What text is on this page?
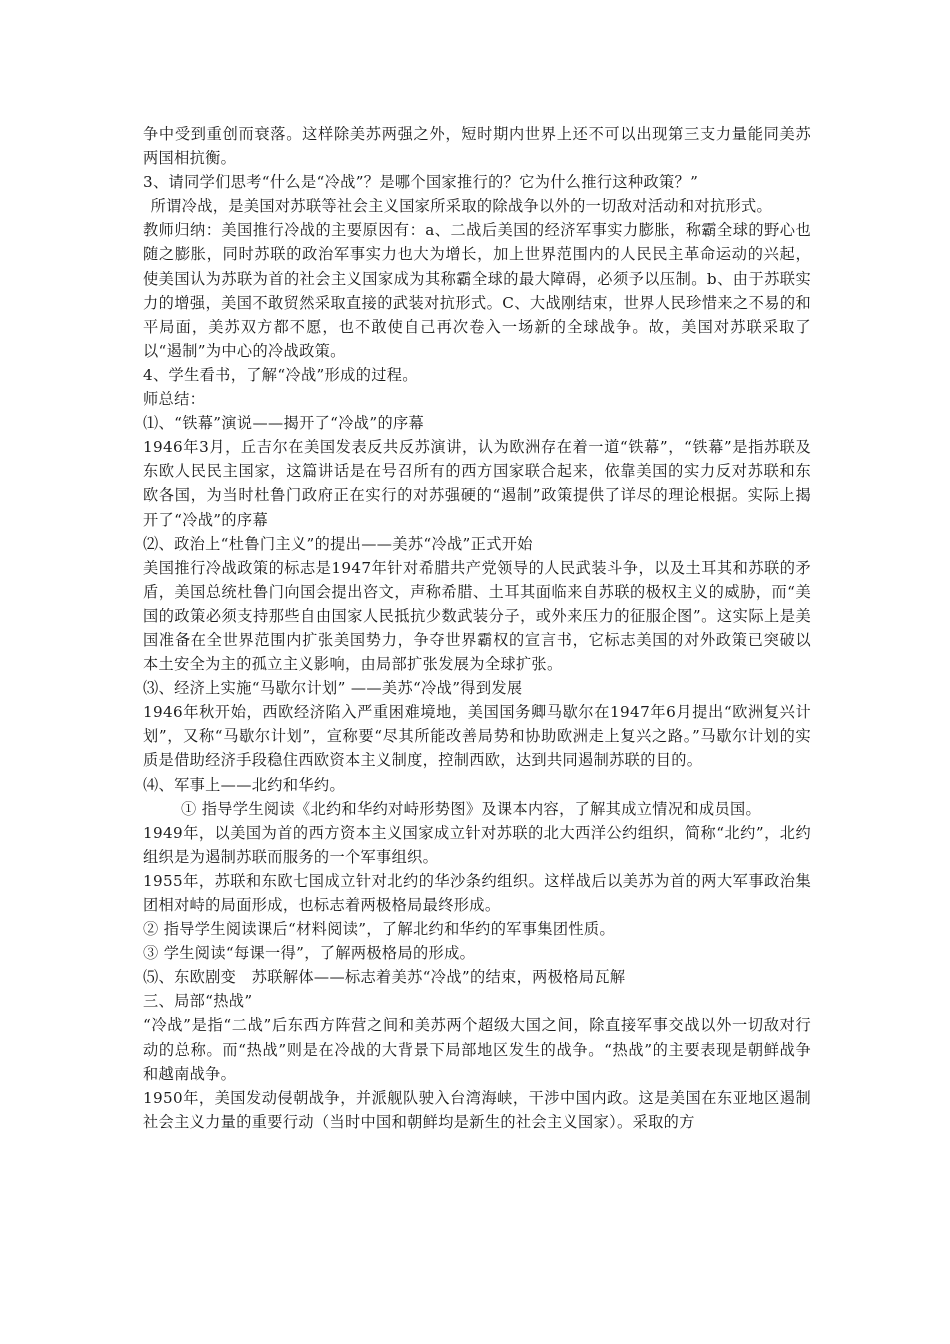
争中受到重创而衰落。这样除美苏两强之外，短时期内世界上还不可以出现第三支力量能同美苏两国相抗衡。

3、请同学们思考“什么是“冷战”？是哪个国家推行的？它为什么推行这种政策？”

所谓冷战，是美国对苏联等社会主义国家所采取的除战争以外的一切敌对活动和对抗形式。

教师归纳：美国推行冷战的主要原因有：a、二战后美国的经济军事实力膨胀，称霸全球的野心也随之膨胀，同时苏联的政治军事实力也大为增长，加上世界范围内的人民民主革命运动的兴起，使美国认为苏联为首的社会主义国家成为其称霸全球的最大障碍，必须予以压制。b、由于苏联实力的增强，美国不敢贸然采取直接的武装对抗形式。C、大战刚结束，世界人民珍惜来之不易的和平局面，美苏双方都不愿，也不敢使自己再次卷入一场新的全球战争。故，美国对苏联采取了以“遏制”为中心的冷战政策。

4、学生看书，了解“冷战”形成的过程。

师总结：

⑴、“铁幕”演说——揭开了“冷战”的序幕

1946年3月，丘吉尔在美国发表反共反苏演讲，认为欧洲存在着一道“铁幕”，“铁幕”是指苏联及东欧人民民主国家，这篇讲话是在号召所有的西方国家联合起来，依靠美国的实力反对苏联和东欧各国，为当时杜鲁门政府正在实行的对苏强硬的“遏制”政策提供了详尽的理论根据。实际上揭开了“冷战”的序幕

⑵、政治上“杜鲁门主义”的提出——美苏“冷战”正式开始

美国推行冷战政策的标志是1947年针对希腊共产党领导的人民武装斗争，以及土耳其和苏联的矛盾，美国总统杜鲁门向国会提出咨文，声称希腊、土耳其面临来自苏联的极权主义的威胁，而“美国的政策必须支持那些自由国家人民抵抗少数武装分子，或外来压力的征服企图”。这实际上是美国准备在全世界范围内扩张美国势力，争夺世界霸权的宣言书，它标志美国的对外政策已突破以本土安全为主的孤立主义影响，由局部扩张发展为全球扩张。

⑶、经济上实施“马歇尔计划” ——美苏“冷战”得到发展

1946年秋开始，西欧经济陷入严重困难境地，美国国务卿马歇尔在1947年6月提出“欧洲复兴计划”，又称“马歇尔计划”，宣称要“尽其所能改善局势和协助欧洲走上复兴之路。”马歇尔计划的实质是借助经济手段稳住西欧资本主义制度，控制西欧，达到共同遏制苏联的目的。

⑷、军事上——北约和华约。

① 指导学生阅读《北约和华约对峙形势图》及课本内容，了解其成立情况和成员国。

1949年，以美国为首的西方资本主义国家成立针对苏联的北大西洋公约组织，简称“北约”，北约组织是为遏制苏联而服务的一个军事组织。

1955年，苏联和东欧七国成立针对北约的华沙条约组织。这样战后以美苏为首的两大军事政治集团相对峙的局面形成，也标志着两极格局最终形成。

② 指导学生阅读课后“材料阅读”，了解北约和华约的军事集团性质。

③ 学生阅读“每课一得”，了解两极格局的形成。

⑸、东欧剧变　苏联解体——标志着美苏“冷战”的结束，两极格局瓦解

三、局部“热战”

“冷战”是指“二战”后东西方阵营之间和美苏两个超级大国之间，除直接军事交战以外一切敌对行动的总称。而“热战”则是在冷战的大背景下局部地区发生的战争。“热战”的主要表现是朝鲜战争和越南战争。

1950年，美国发动侵朝战争，并派舰队驶入台湾海峡，干涉中国内政。这是美国在东亚地区遏制社会主义力量的重要行动（当时中国和朝鲜均是新生的社会主义国家）。采取的方
